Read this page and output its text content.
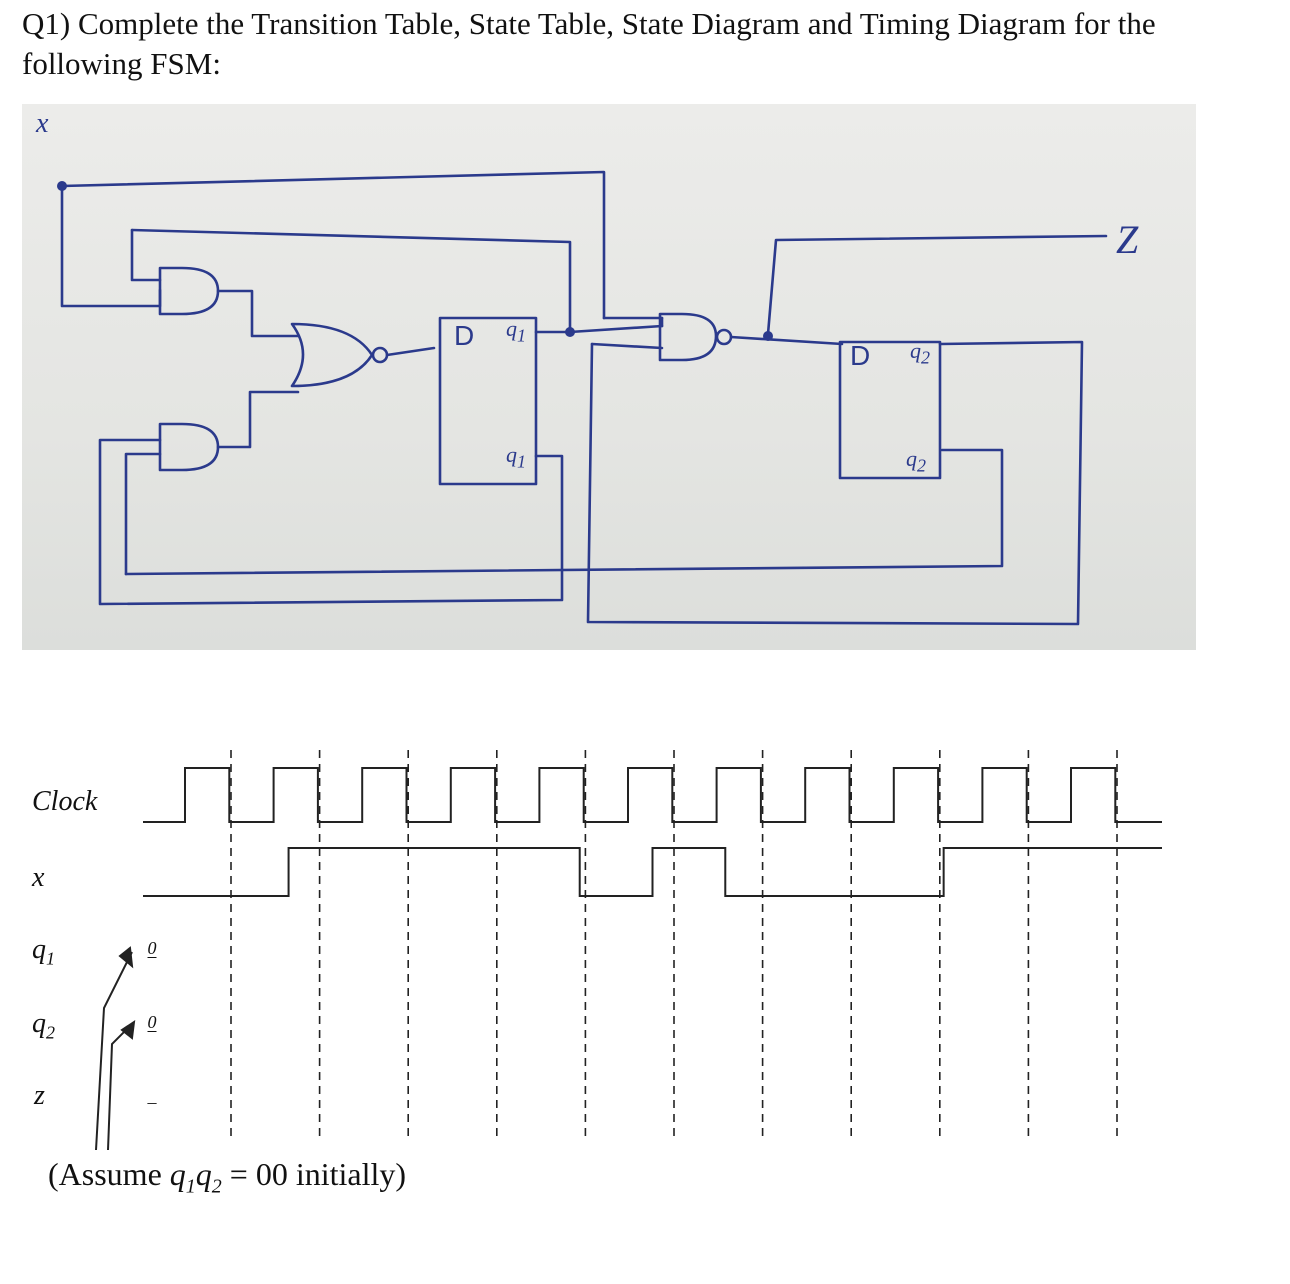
Q1) Complete the Transition Table, State Table, State Diagram and Timing Diagram for the following FSM:

x
Z
D $q_1$
$q_1$
D $q_2$
$q_2$
Clock
x
$q_1$
$q_2$
z
0
0
–
(Assume $q_1q_2 = 00$ initially)
